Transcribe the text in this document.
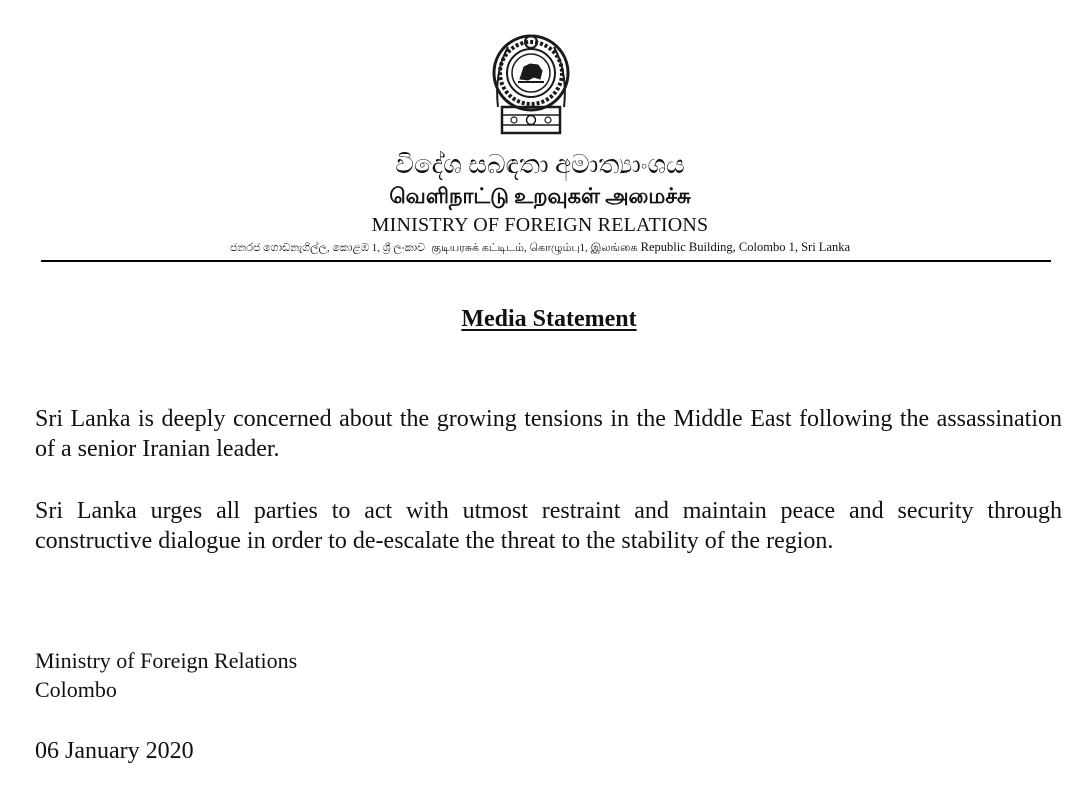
විදේශ සබඳතා අමාත්‍යාංශය
வெளிநாட்டு உறவுகள் அமைச்சு
MINISTRY OF FOREIGN RELATIONS
ජනරජ ගොඩනැගිල්ල, කොළඹ 1, ශ්‍රී ලංකාව குடியரசுக் கட்டிடம், கொழும்பு1, இலங்கை Republic Building, Colombo 1, Sri Lanka
Media Statement

Sri Lanka is deeply concerned about the growing tensions in the Middle East following the assassination of a senior Iranian leader.

Sri Lanka urges all parties to act with utmost restraint and maintain peace and security through constructive dialogue in order to de-escalate the threat to the stability of the region.

Ministry of Foreign Relations
Colombo
06 January 2020
